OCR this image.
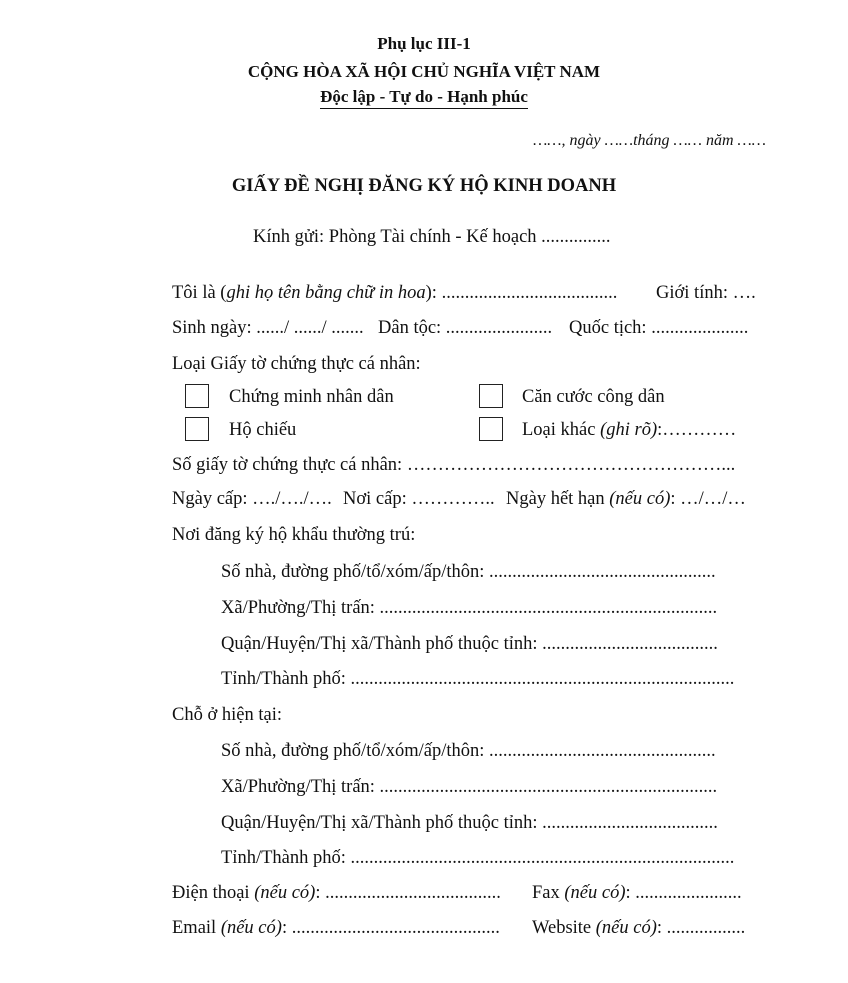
Phụ lục III-1
CỘNG HÒA XÃ HỘI CHỦ NGHĨA VIỆT NAM
Độc lập - Tự do - Hạnh phúc
……, ngày ……tháng …… năm ……
GIẤY ĐỀ NGHỊ ĐĂNG KÝ HỘ KINH DOANH
Kính gửi: Phòng Tài chính - Kế hoạch ...............
Tôi là (ghi họ tên bằng chữ in hoa): ...................................... Giới tính: ….
Sinh ngày: ....../ ....../ ....... Dân tộc: ....................... Quốc tịch: .....................
Loại Giấy tờ chứng thực cá nhân:
Chứng minh nhân dân	Căn cước công dân
Hộ chiếu	Loại khác (ghi rõ):…………
Số giấy tờ chứng thực cá nhân: ……………………………………………...
Ngày cấp: …./…./…. Nơi cấp: ………….. Ngày hết hạn (nếu có): …/…/…
Nơi đăng ký hộ khẩu thường trú:
Số nhà, đường phố/tổ/xóm/ấp/thôn: .................................................
Xã/Phường/Thị trấn: .........................................................................
Quận/Huyện/Thị xã/Thành phố thuộc tỉnh: ......................................
Tỉnh/Thành phố: ...................................................................................
Chỗ ở hiện tại:
Số nhà, đường phố/tổ/xóm/ấp/thôn: .................................................
Xã/Phường/Thị trấn: .........................................................................
Quận/Huyện/Thị xã/Thành phố thuộc tỉnh: ......................................
Tỉnh/Thành phố: ...................................................................................
Điện thoại (nếu có): ...................................... Fax (nếu có): .......................
Email (nếu có): ............................................. Website (nếu có): .................
